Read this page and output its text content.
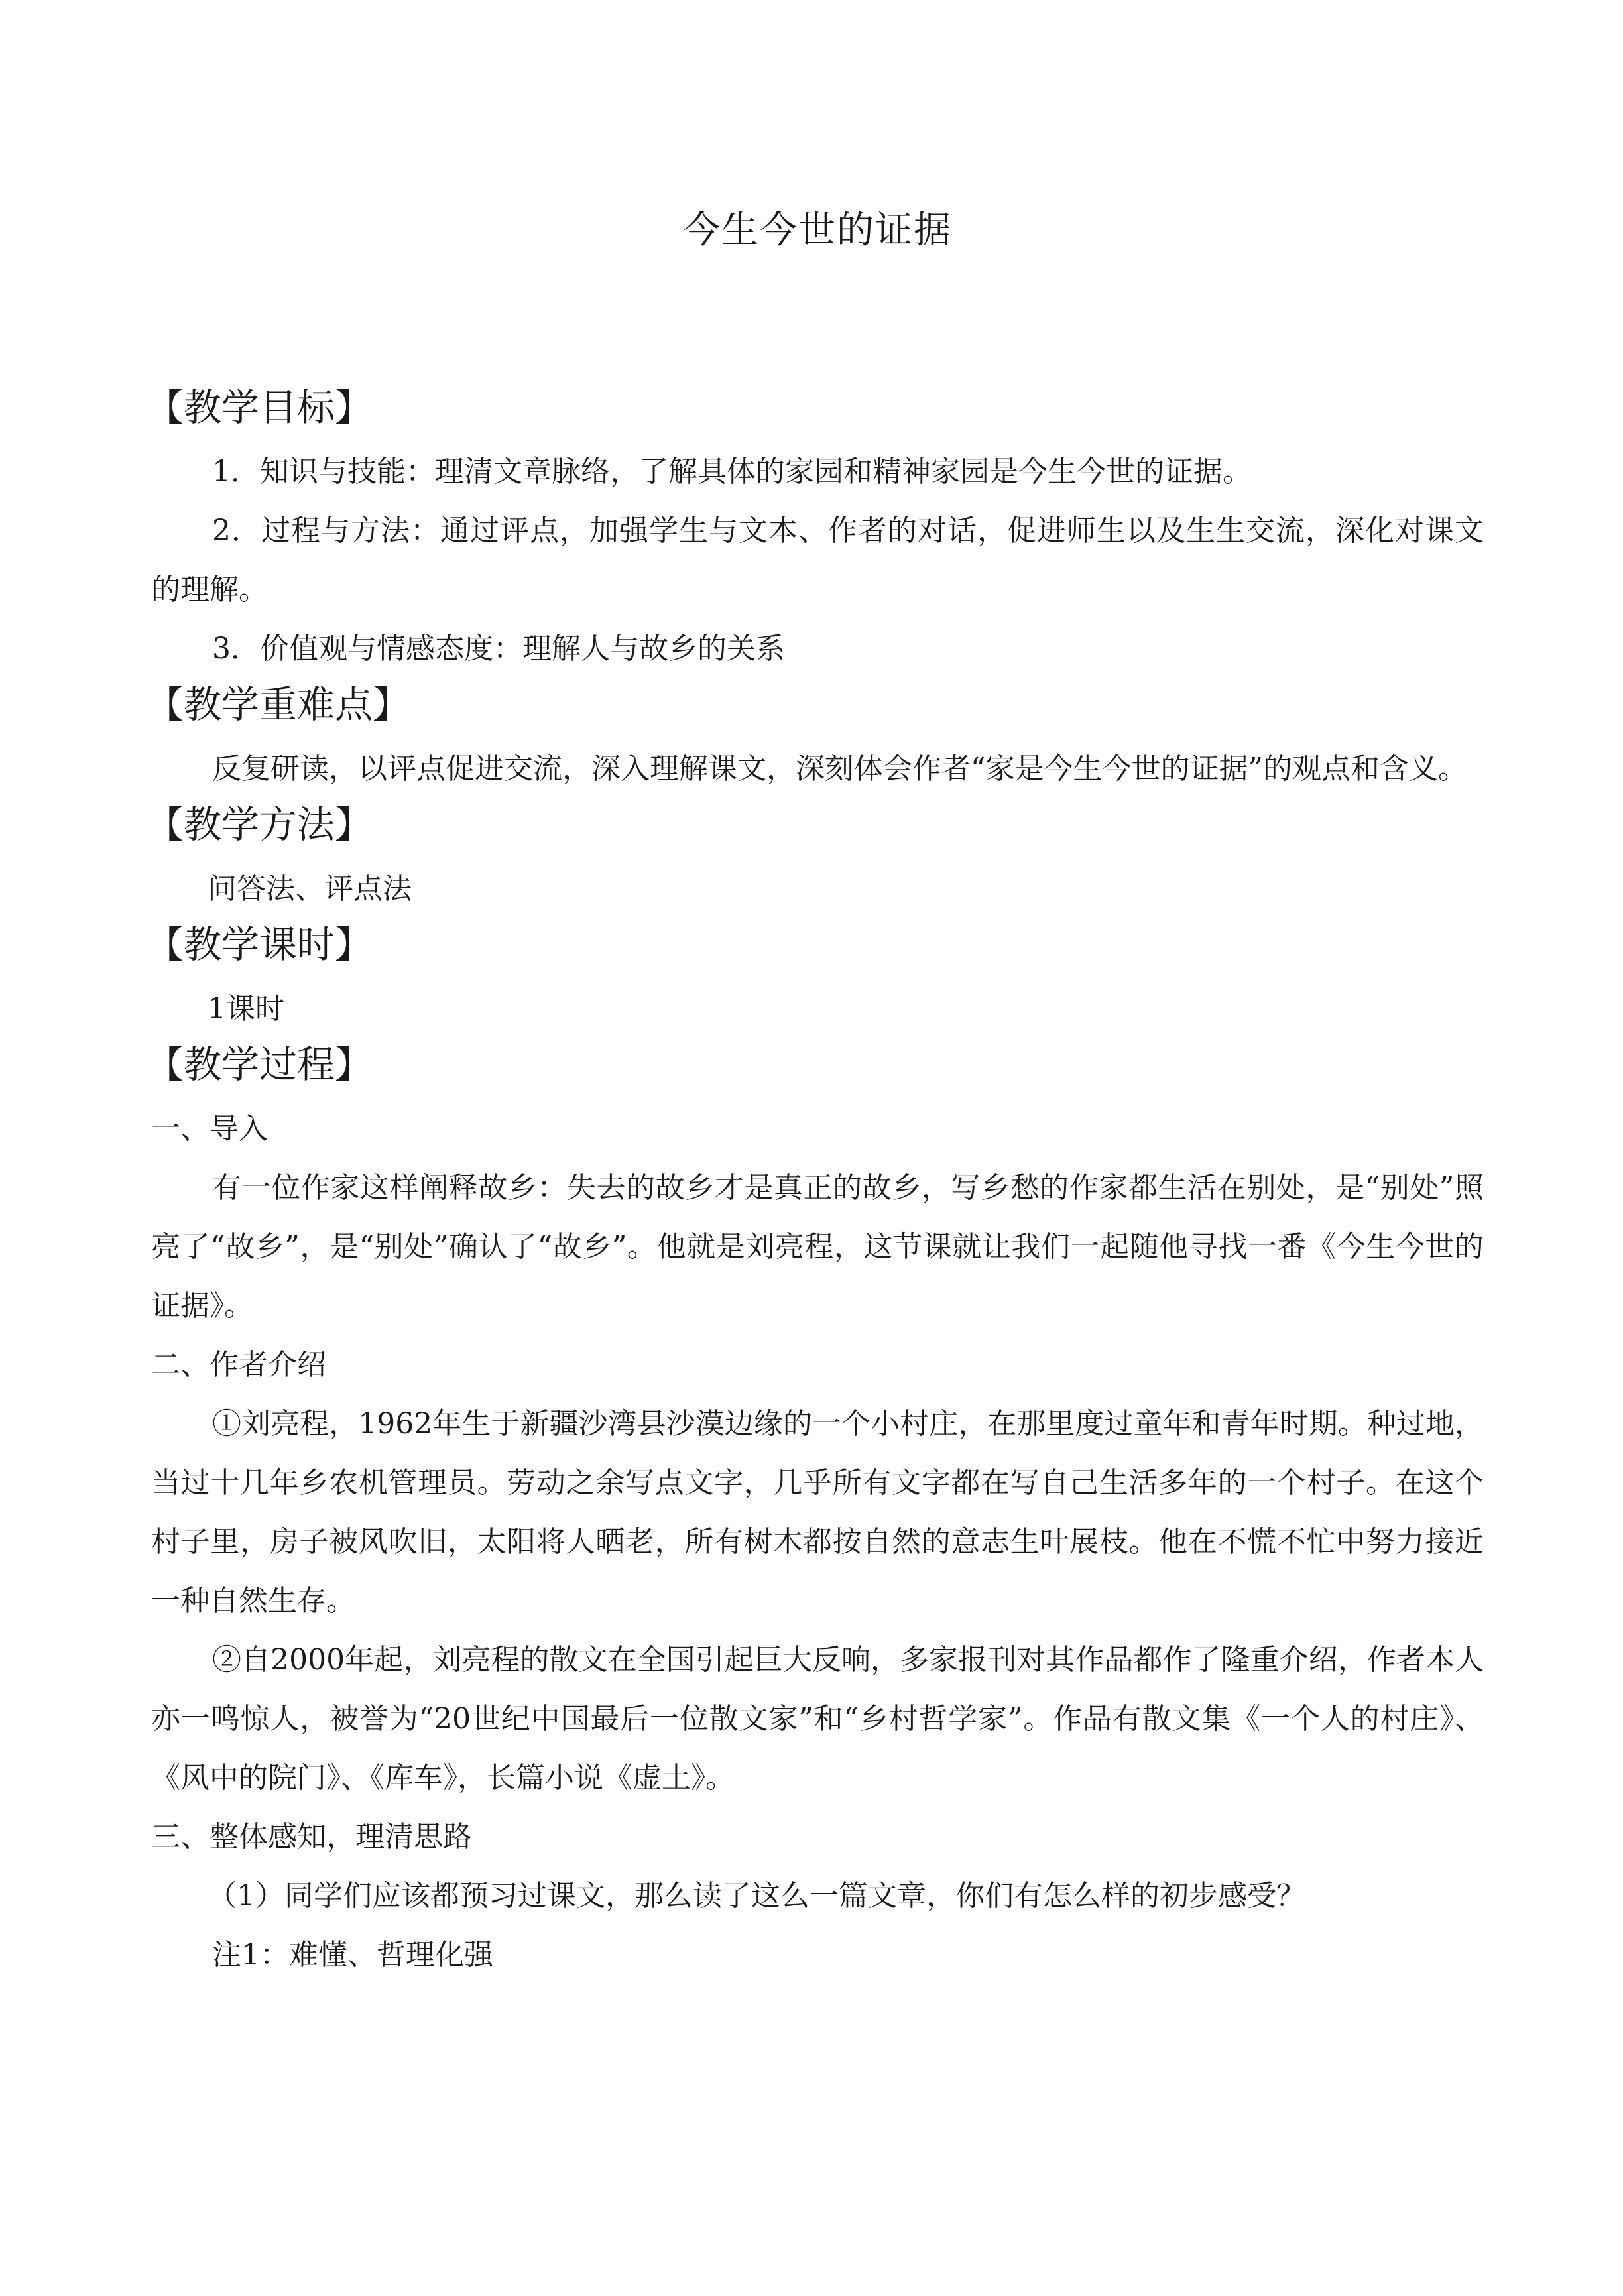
今生今世的证据
【教学目标】
1．知识与技能：理清文章脉络，了解具体的家园和精神家园是今生今世的证据。
2．过程与方法：通过评点，加强学生与文本、作者的对话，促进师生以及生生交流，深化对课文的理解。
3．价值观与情感态度：理解人与故乡的关系
【教学重难点】
反复研读，以评点促进交流，深入理解课文，深刻体会作者“家是今生今世的证据”的观点和含义。
【教学方法】
问答法、评点法
【教学课时】
1课时
【教学过程】
一、导入
有一位作家这样阐释故乡：失去的故乡才是真正的故乡，写乡愁的作家都生活在别处，是“别处”照亮了“故乡”，是“别处”确认了“故乡”。他就是刘亮程，这节课就让我们一起随他寻找一番《今生今世的证据》。
二、作者介绍
①刘亮程，1962年生于新疆沙湾县沙漠边缘的一个小村庄，在那里度过童年和青年时期。种过地，当过十几年乡农机管理员。劳动之余写点文字，几乎所有文字都在写自己生活多年的一个村子。在这个村子里，房子被风吹旧，太阳将人晒老，所有树木都按自然的意志生叶展枝。他在不慌不忙中努力接近一种自然生存。
②自2000年起，刘亮程的散文在全国引起巨大反响，多家报刊对其作品都作了隆重介绍，作者本人亦一鸣惊人，被誉为“20世纪中国最后一位散文家”和“乡村哲学家”。作品有散文集《一个人的村庄》、《风中的院门》、《库车》，长篇小说《虚土》。
三、整体感知，理清思路
（1）同学们应该都预习过课文，那么读了这么一篇文章，你们有怎么样的初步感受？
注1：难懂、哲理化强
